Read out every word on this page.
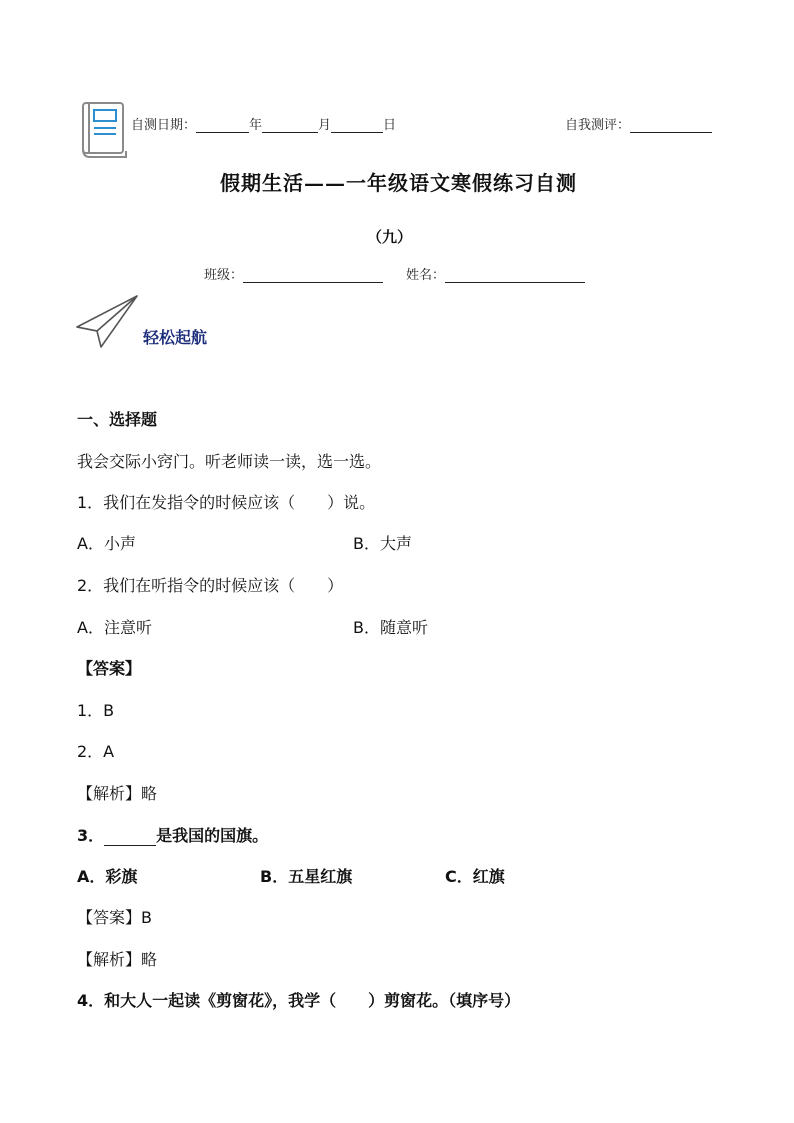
自测日期：	年	月	日	自我测评：
假期生活——一年级语文寒假练习自测
（九）
班级：	姓名：
轻松起航
一、选择题
我会交际小窍门。听老师读一读，选一选。
1．我们在发指令的时候应该（　　）说。
A．小声	B．大声
2．我们在听指令的时候应该（　　）
A．注意听	B．随意听
【答案】
1．B
2．A
【解析】略
3．	是我国的国旗。
A．彩旗	B．五星红旗	C．红旗
【答案】B
【解析】略
4．和大人一起读《剪窗花》，我学（　　）剪窗花。（填序号）
